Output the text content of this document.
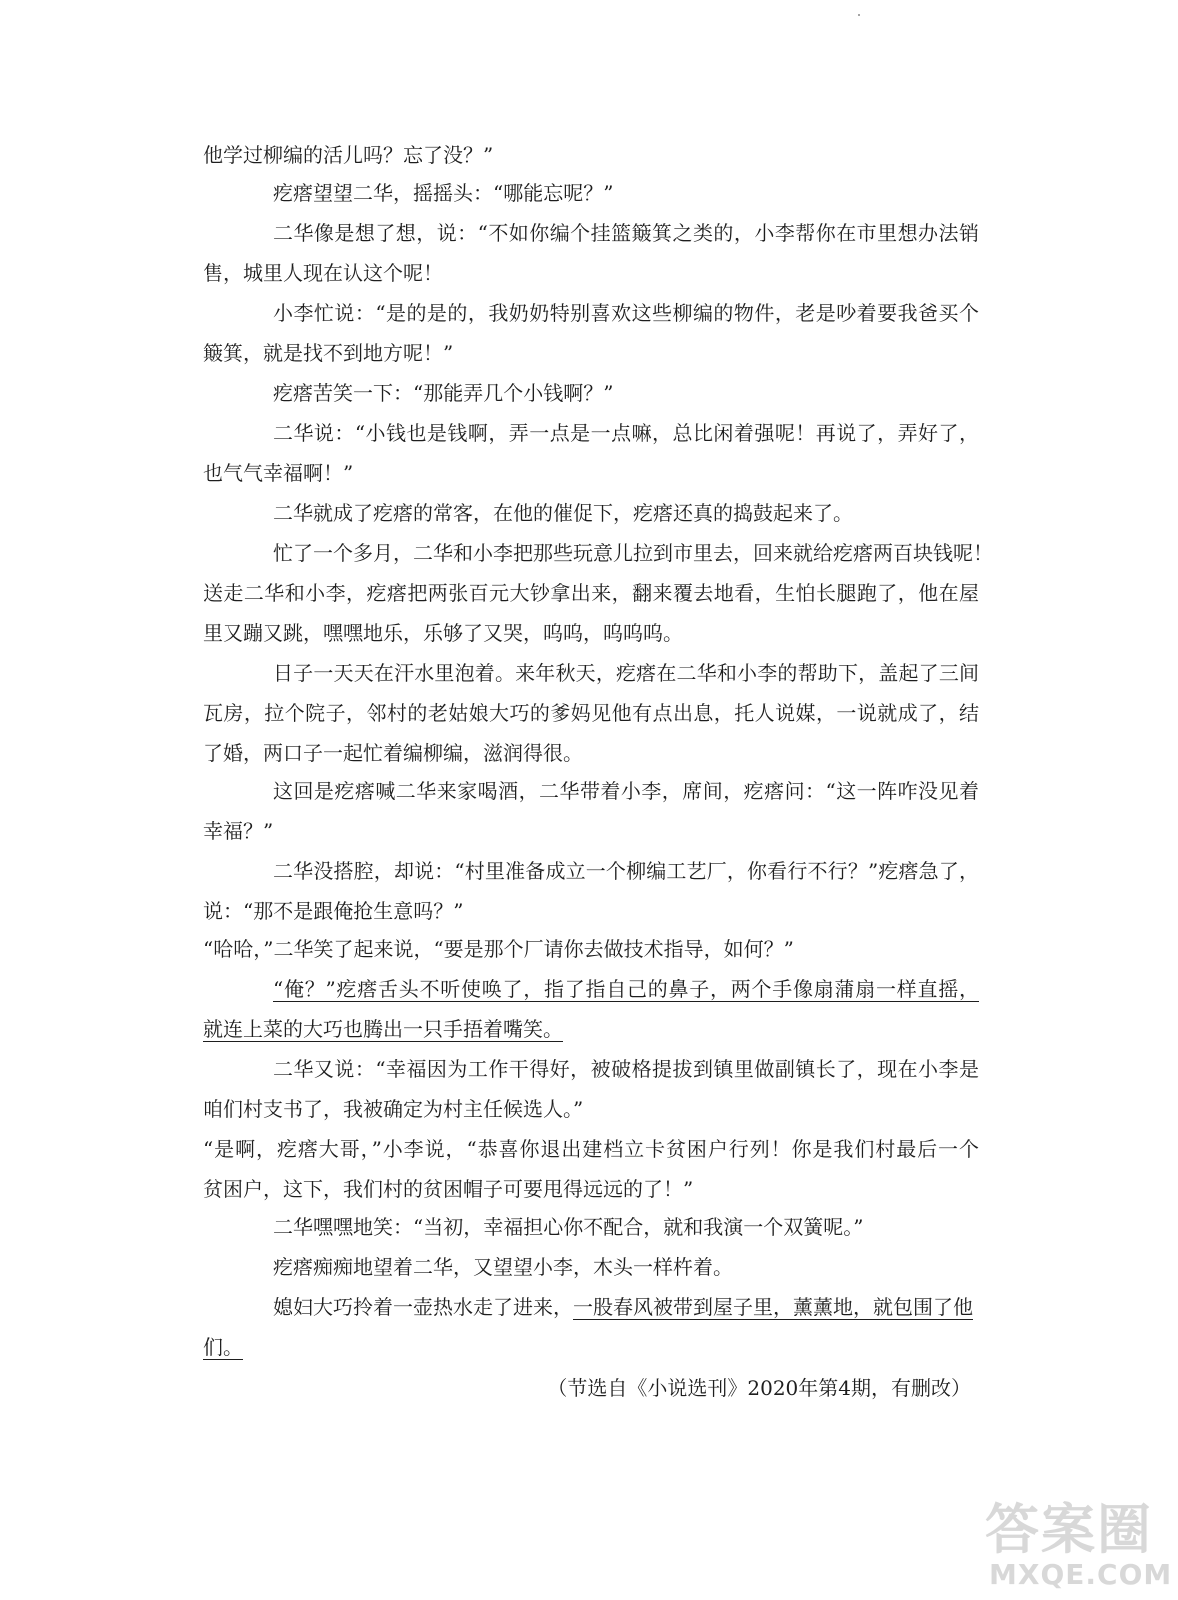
他学过柳编的活儿吗？忘了没？”
疙瘩望望二华，摇摇头：“哪能忘呢？”
二华像是想了想，说：“不如你编个挂篮簸箕之类的，小李帮你在市里想办法销
售，城里人现在认这个呢！
小李忙说：“是的是的，我奶奶特别喜欢这些柳编的物件，老是吵着要我爸买个
簸箕，就是找不到地方呢！”
疙瘩苦笑一下：“那能弄几个小钱啊？”
二华说：“小钱也是钱啊，弄一点是一点嘛，总比闲着强呢！再说了，弄好了，
也气气幸福啊！”
二华就成了疙瘩的常客，在他的催促下，疙瘩还真的捣鼓起来了。
忙了一个多月，二华和小李把那些玩意儿拉到市里去，回来就给疙瘩两百块钱呢！
送走二华和小李，疙瘩把两张百元大钞拿出来，翻来覆去地看，生怕长腿跑了，他在屋
里又蹦又跳，嘿嘿地乐，乐够了又哭，呜呜，呜呜呜。
日子一天天在汗水里泡着。来年秋天，疙瘩在二华和小李的帮助下，盖起了三间
瓦房，拉个院子，邻村的老姑娘大巧的爹妈见他有点出息，托人说媒，一说就成了，结
了婚，两口子一起忙着编柳编，滋润得很。
这回是疙瘩喊二华来家喝酒，二华带着小李，席间，疙瘩问：“这一阵咋没见着
幸福？”
二华没搭腔，却说：“村里准备成立一个柳编工艺厂，你看行不行？”疙瘩急了，
说：“那不是跟俺抢生意吗？”
“哈哈，”二华笑了起来说，“要是那个厂请你去做技术指导，如何？”
“俺？”疙瘩舌头不听使唤了，指了指自己的鼻子，两个手像扇蒲扇一样直摇，
就连上菜的大巧也腾出一只手捂着嘴笑。
二华又说：“幸福因为工作干得好，被破格提拔到镇里做副镇长了，现在小李是
咱们村支书了，我被确定为村主任候选人。”
“是啊，疙瘩大哥，”小李说，“恭喜你退出建档立卡贫困户行列！你是我们村最后一个
贫困户，这下，我们村的贫困帽子可要甩得远远的了！”
二华嘿嘿地笑：“当初，幸福担心你不配合，就和我演一个双簧呢。”
疙瘩痴痴地望着二华，又望望小李，木头一样杵着。
媳妇大巧拎着一壶热水走了进来，一股春风被带到屋子里，薰薰地，就包围了他
们。
（节选自《小说选刊》2020年第4期，有删改）
答案圈
MXQE.COM
